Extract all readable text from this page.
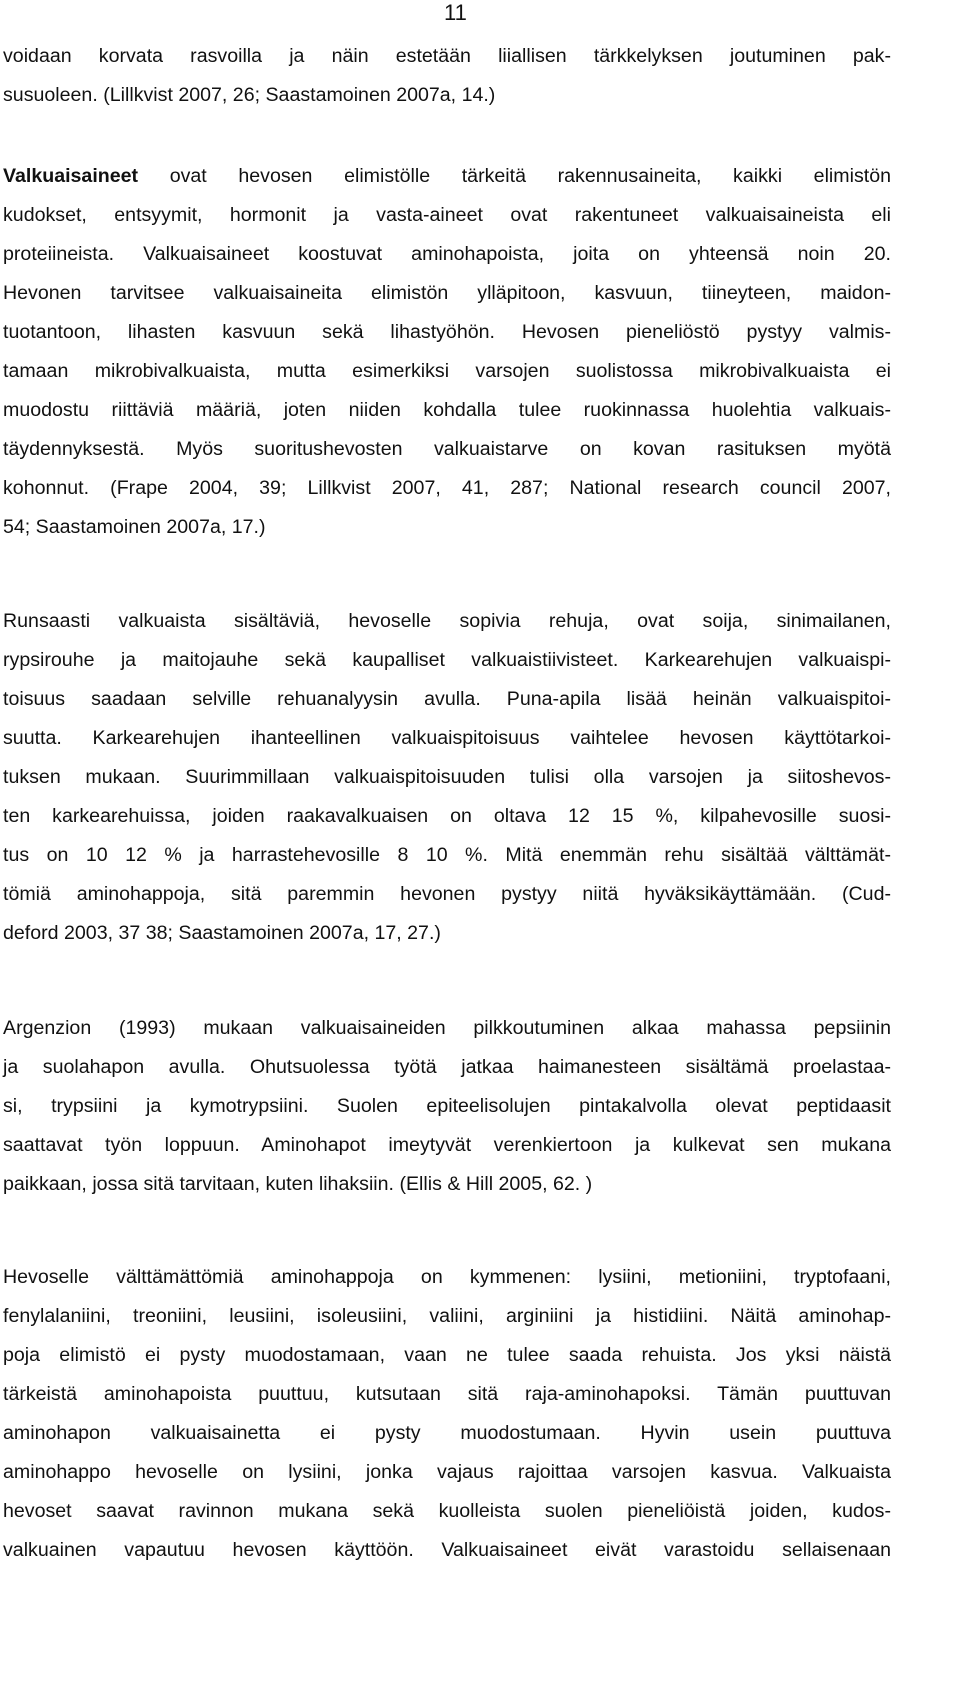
11
voidaan korvata rasvoilla ja näin estetään liiallisen tärkkelyksen joutuminen pak-
susuoleen. (Lillkvist 2007, 26; Saastamoinen 2007a, 14.)
Valkuaisaineet ovat hevosen elimistölle tärkeitä rakennusaineita, kaikki elimistön
kudokset, entsyymit, hormonit ja vasta-aineet ovat rakentuneet valkuaisaineista eli
proteiineista. Valkuaisaineet koostuvat aminohapoista, joita on yhteensä noin 20.
Hevonen tarvitsee valkuaisaineita elimistön ylläpitoon, kasvuun, tiineyteen, maidon-
tuotantoon, lihasten kasvuun sekä lihastyöhön. Hevosen pieneliöstö pystyy valmis-
tamaan mikrobivalkuaista, mutta esimerkiksi varsojen suolistossa mikrobivalkuaista ei
muodostu riittäviä määriä, joten niiden kohdalla tulee ruokinnassa huolehtia valkuais-
täydennyksestä. Myös suoritushevosten valkuaistarve on kovan rasituksen myötä
kohonnut. (Frape 2004, 39; Lillkvist 2007, 41, 287; National research council 2007,
54; Saastamoinen 2007a, 17.)
Runsaasti valkuaista sisältäviä, hevoselle sopivia rehuja, ovat soija, sinimailanen,
rypsirouhe ja maitojauhe sekä kaupalliset valkuaistiivisteet. Karkearehujen valkuaispi-
toisuus saadaan selville rehuanalyysin avulla. Puna-apila lisää heinän valkuaispitoi-
suutta. Karkearehujen ihanteellinen valkuaispitoisuus vaihtelee hevosen käyttötarkoi-
tuksen mukaan. Suurimmillaan valkuaispitoisuuden tulisi olla varsojen ja siitoshevos-
ten karkearehuissa, joiden raakavalkuaisen on oltava 12 15 %, kilpahevosille suosi-
tus on 10 12 % ja harrastehevosille 8 10 %. Mitä enemmän rehu sisältää välttämät-
tömiä aminohappoja, sitä paremmin hevonen pystyy niitä hyväksikäyttämään. (Cud-
deford 2003, 37 38; Saastamoinen 2007a, 17, 27.)
Argenzion (1993) mukaan valkuaisaineiden pilkkoutuminen alkaa mahassa pepsiinin
ja suolahapon avulla. Ohutsuolessa työtä jatkaa haimanesteen sisältämä proelastaa-
si, trypsiini ja kymotrypsiini. Suolen epiteelisolujen pintakalvolla olevat peptidaasit
saattavat työn loppuun. Aminohapot imeytyvät verenkiertoon ja kulkevat sen mukana
paikkaan, jossa sitä tarvitaan, kuten lihaksiin. (Ellis & Hill 2005, 62. )
Hevoselle välttämättömiä aminohappoja on kymmenen: lysiini, metioniini, tryptofaani,
fenylalaniini, treoniini, leusiini, isoleusiini, valiini, arginiini ja histidiini. Näitä aminohap-
poja elimistö ei pysty muodostamaan, vaan ne tulee saada rehuista. Jos yksi näistä
tärkeistä aminohapoista puuttuu, kutsutaan sitä raja-aminohapoksi. Tämän puuttuvan
aminohapon valkuaisainetta ei pysty muodostumaan. Hyvin usein puuttuva
aminohappo hevoselle on lysiini, jonka vajaus rajoittaa varsojen kasvua. Valkuaista
hevoset saavat ravinnon mukana sekä kuolleista suolen pieneliöistä joiden, kudos-
valkuainen vapautuu hevosen käyttöön. Valkuaisaineet eivät varastoidu sellaisenaan
